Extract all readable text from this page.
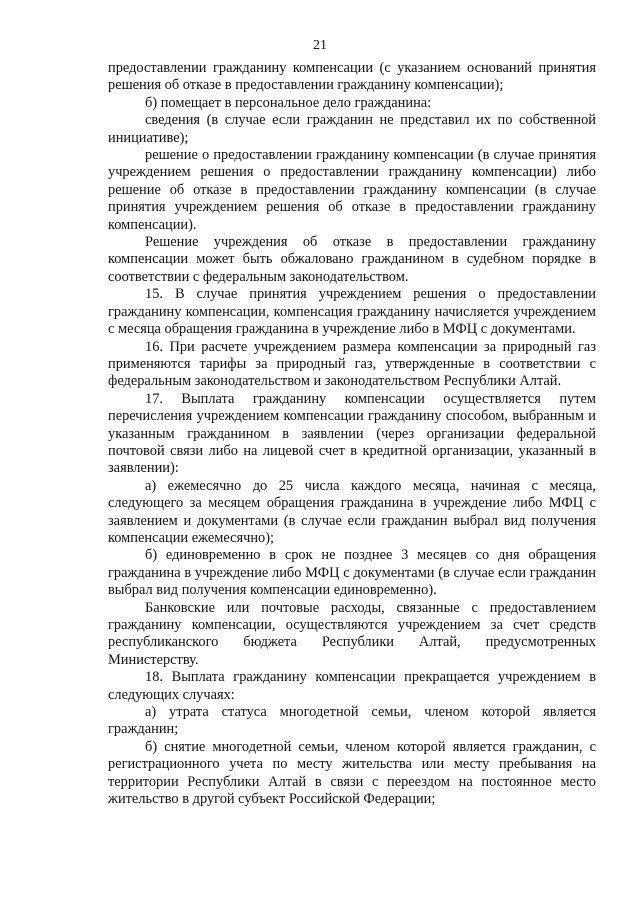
21

предоставлении гражданину компенсации (с указанием оснований принятия решения об отказе в предоставлении гражданину компенсации);

б) помещает в персональное дело гражданина:

сведения (в случае если гражданин не представил их по собственной инициативе);

решение о предоставлении гражданину компенсации (в случае принятия учреждением решения о предоставлении гражданину компенсации) либо решение об отказе в предоставлении гражданину компенсации (в случае принятия учреждением решения об отказе в предоставлении гражданину компенсации).

Решение учреждения об отказе в предоставлении гражданину компенсации может быть обжаловано гражданином в судебном порядке в соответствии с федеральным законодательством.

15. В случае принятия учреждением решения о предоставлении гражданину компенсации, компенсация гражданину начисляется учреждением с месяца обращения гражданина в учреждение либо в МФЦ с документами.

16. При расчете учреждением размера компенсации за природный газ применяются тарифы за природный газ, утвержденные в соответствии с федеральным законодательством и законодательством Республики Алтай.

17. Выплата гражданину компенсации осуществляется путем перечисления учреждением компенсации гражданину способом, выбранным и указанным гражданином в заявлении (через организации федеральной почтовой связи либо на лицевой счет в кредитной организации, указанный в заявлении):

а) ежемесячно до 25 числа каждого месяца, начиная с месяца, следующего за месяцем обращения гражданина в учреждение либо МФЦ с заявлением и документами (в случае если гражданин выбрал вид получения компенсации ежемесячно);

б) единовременно в срок не позднее 3 месяцев со дня обращения гражданина в учреждение либо МФЦ с документами (в случае если гражданин выбрал вид получения компенсации единовременно).

Банковские или почтовые расходы, связанные с предоставлением гражданину компенсации, осуществляются учреждением за счет средств республиканского бюджета Республики Алтай, предусмотренных Министерству.

18. Выплата гражданину компенсации прекращается учреждением в следующих случаях:

а) утрата статуса многодетной семьи, членом которой является гражданин;

б) снятие многодетной семьи, членом которой является гражданин, с регистрационного учета по месту жительства или месту пребывания на территории Республики Алтай в связи с переездом на постоянное место жительство в другой субъект Российской Федерации;
